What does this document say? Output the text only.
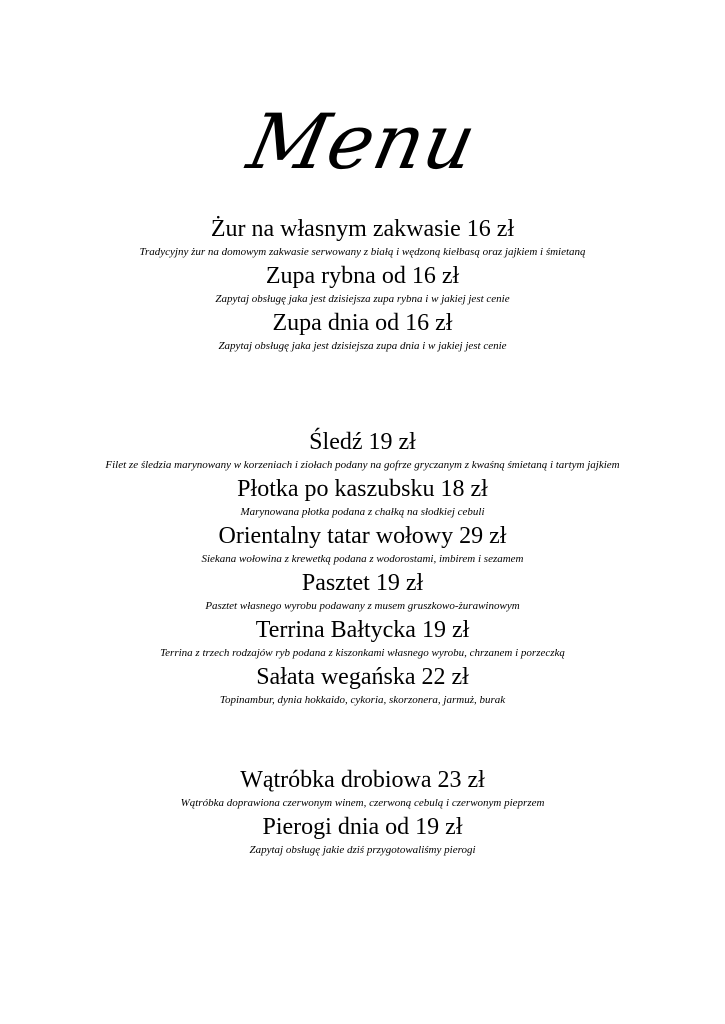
Menu
Żur na własnym zakwasie 16 zł
Tradycyjny żur na domowym zakwasie serwowany z białą i wędzoną kiełbasą oraz jajkiem i śmietaną
Zupa rybna od 16 zł
Zapytaj obsługę jaka jest dzisiejsza zupa rybna i w jakiej jest cenie
Zupa dnia od 16 zł
Zapytaj obsługę jaka jest dzisiejsza zupa dnia i w jakiej jest cenie
Śledź 19 zł
Filet ze śledzia marynowany w korzeniach i ziołach podany na gofrze gryczanym z kwaśną śmietaną i tartym jajkiem
Płotka po kaszubsku 18 zł
Marynowana płotka podana z chałką na słodkiej cebuli
Orientalny tatar wołowy 29 zł
Siekana wołowina z krewetką podana z wodorostami, imbirem i sezamem
Pasztet 19 zł
Pasztet własnego wyrobu podawany z musem gruszkowo-żurawinowym
Terrina Bałtycka 19 zł
Terrina z trzech rodzajów ryb podana z kiszonkami własnego wyrobu, chrzanem i porzeczką
Sałata wegańska 22 zł
Topinambur, dynia hokkaido, cykoria, skorzonera, jarmuż, burak
Wątróbka drobiowa 23 zł
Wątróbka doprawiona czerwonym winem, czerwoną cebulą i czerwonym pieprzem
Pierogi dnia od 19 zł
Zapytaj obsługę jakie dziś przygotowaliśmy pierogi
